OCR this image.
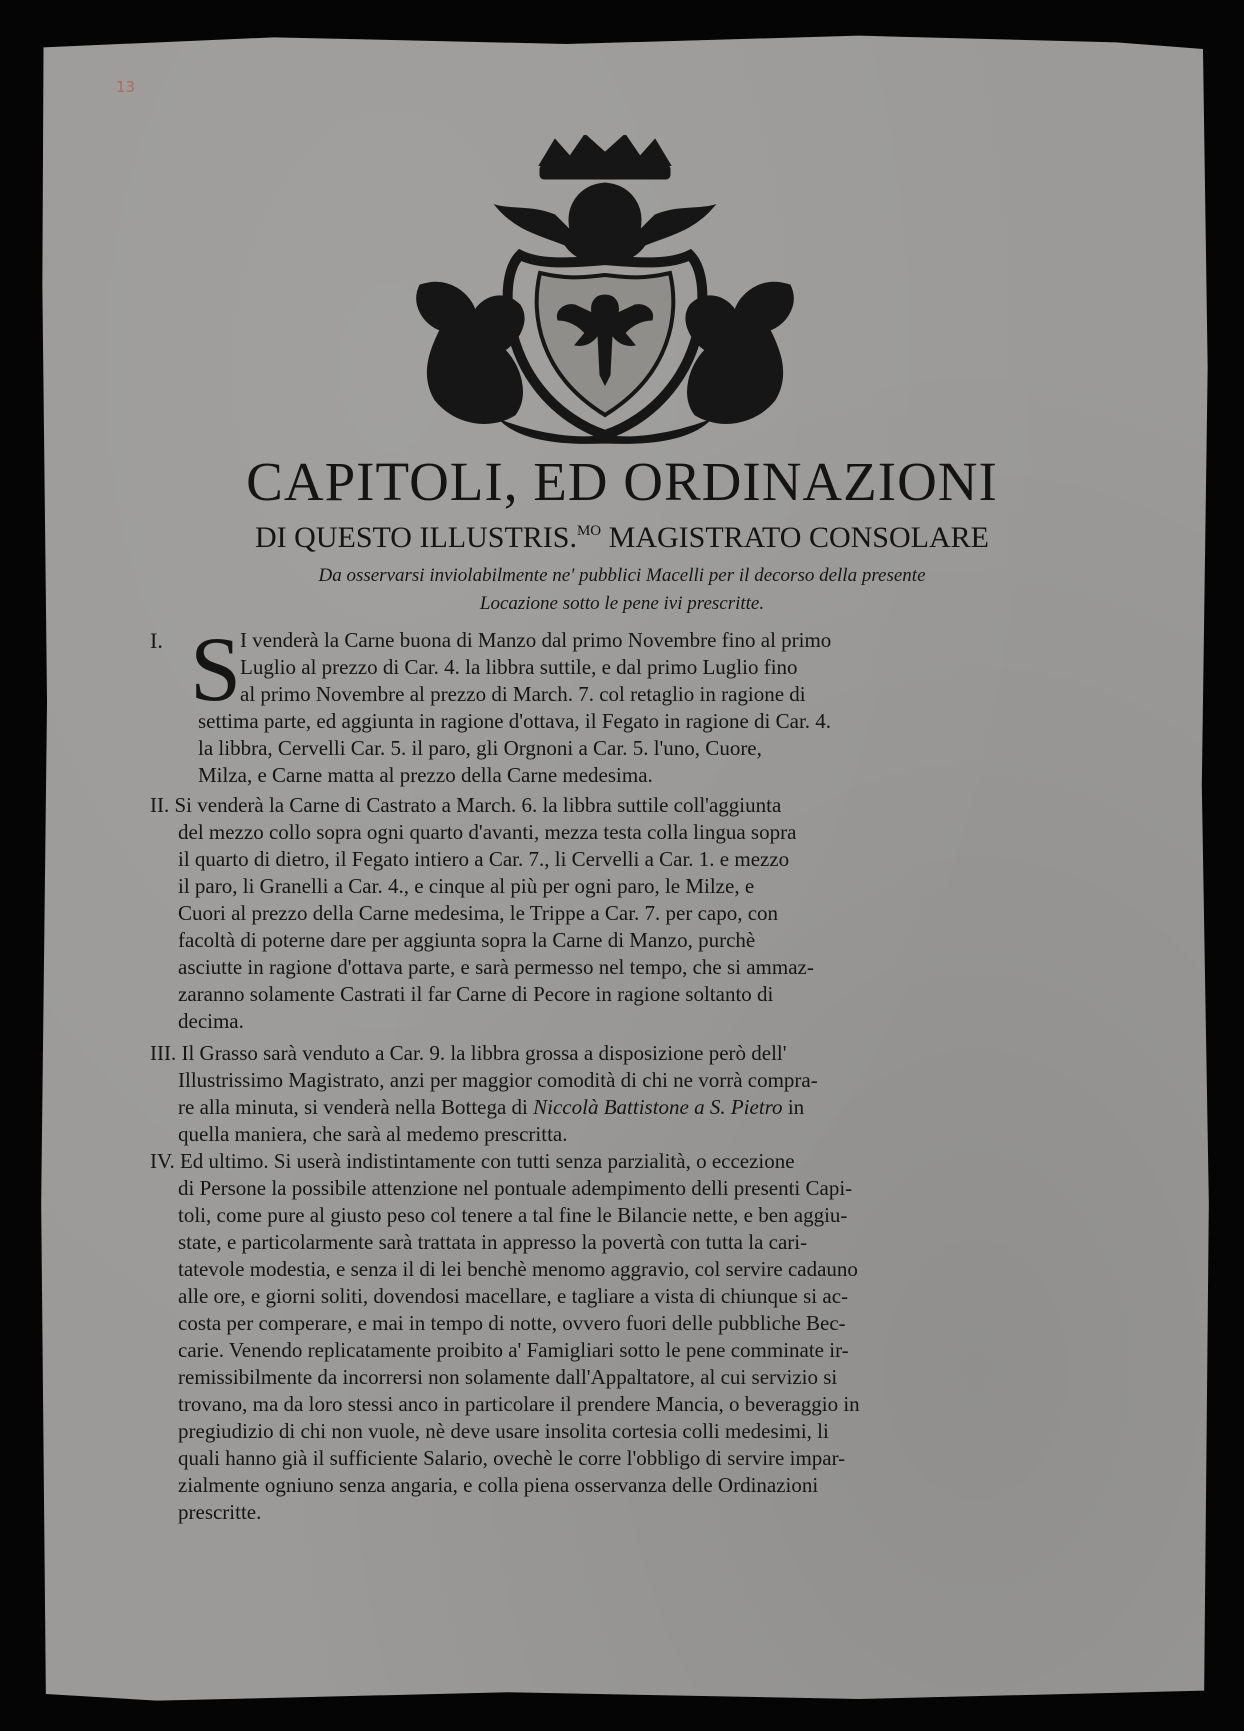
13
CAPITOLI, ED ORDINAZIONI
DI QUESTO ILLUSTRIS.$^{MO}$ MAGISTRATO CONSOLARE
Da osservarsi inviolabilmente ne' pubblici Macelli per il decorso della presente
Locazione sotto le pene ivi prescritte.
I. S
I venderà la Carne buona di Manzo dal primo Novembre fino al primo
Luglio al prezzo di Car. 4. la libbra suttile, e dal primo Luglio fino
al primo Novembre al prezzo di March. 7. col retaglio in ragione di
settima parte, ed aggiunta in ragione d'ottava, il Fegato in ragione di Car. 4.
la libbra, Cervelli Car. 5. il paro, gli Orgnoni a Car. 5. l'uno, Cuore,
Milza, e Carne matta al prezzo della Carne medesima.
II. Si venderà la Carne di Castrato a March. 6. la libbra suttile coll'aggiunta
del mezzo collo sopra ogni quarto d'avanti, mezza testa colla lingua sopra
il quarto di dietro, il Fegato intiero a Car. 7., li Cervelli a Car. 1. e mezzo
il paro, li Granelli a Car. 4., e cinque al più per ogni paro, le Milze, e
Cuori al prezzo della Carne medesima, le Trippe a Car. 7. per capo, con
facoltà di poterne dare per aggiunta sopra la Carne di Manzo, purchè
asciutte in ragione d'ottava parte, e sarà permesso nel tempo, che si ammaz-
zaranno solamente Castrati il far Carne di Pecore in ragione soltanto di
decima.
III. Il Grasso sarà venduto a Car. 9. la libbra grossa a disposizione però dell'
Illustrissimo Magistrato, anzi per maggior comodità di chi ne vorrà compra-
re alla minuta, si venderà nella Bottega di Niccolà Battistone a S. Pietro in
quella maniera, che sarà al medemo prescritta.
IV. Ed ultimo. Si userà indistintamente con tutti senza parzialità, o eccezione
di Persone la possibile attenzione nel pontuale adempimento delli presenti Capi-
toli, come pure al giusto peso col tenere a tal fine le Bilancie nette, e ben aggiu-
state, e particolarmente sarà trattata in appresso la povertà con tutta la cari-
tatevole modestia, e senza il di lei benchè menomo aggravio, col servire cadauno
alle ore, e giorni soliti, dovendosi macellare, e tagliare a vista di chiunque si ac-
costa per comperare, e mai in tempo di notte, ovvero fuori delle pubbliche Bec-
carie. Venendo replicatamente proibito a' Famigliari sotto le pene comminate ir-
remissibilmente da incorrersi non solamente dall'Appaltatore, al cui servizio si
trovano, ma da loro stessi anco in particolare il prendere Mancia, o beveraggio in
pregiudizio di chi non vuole, nè deve usare insolita cortesia colli medesimi, li
quali hanno già il sufficiente Salario, ovechè le corre l'obbligo di servire impar-
zialmente ogniuno senza angaria, e colla piena osservanza delle Ordinazioni
prescritte.
